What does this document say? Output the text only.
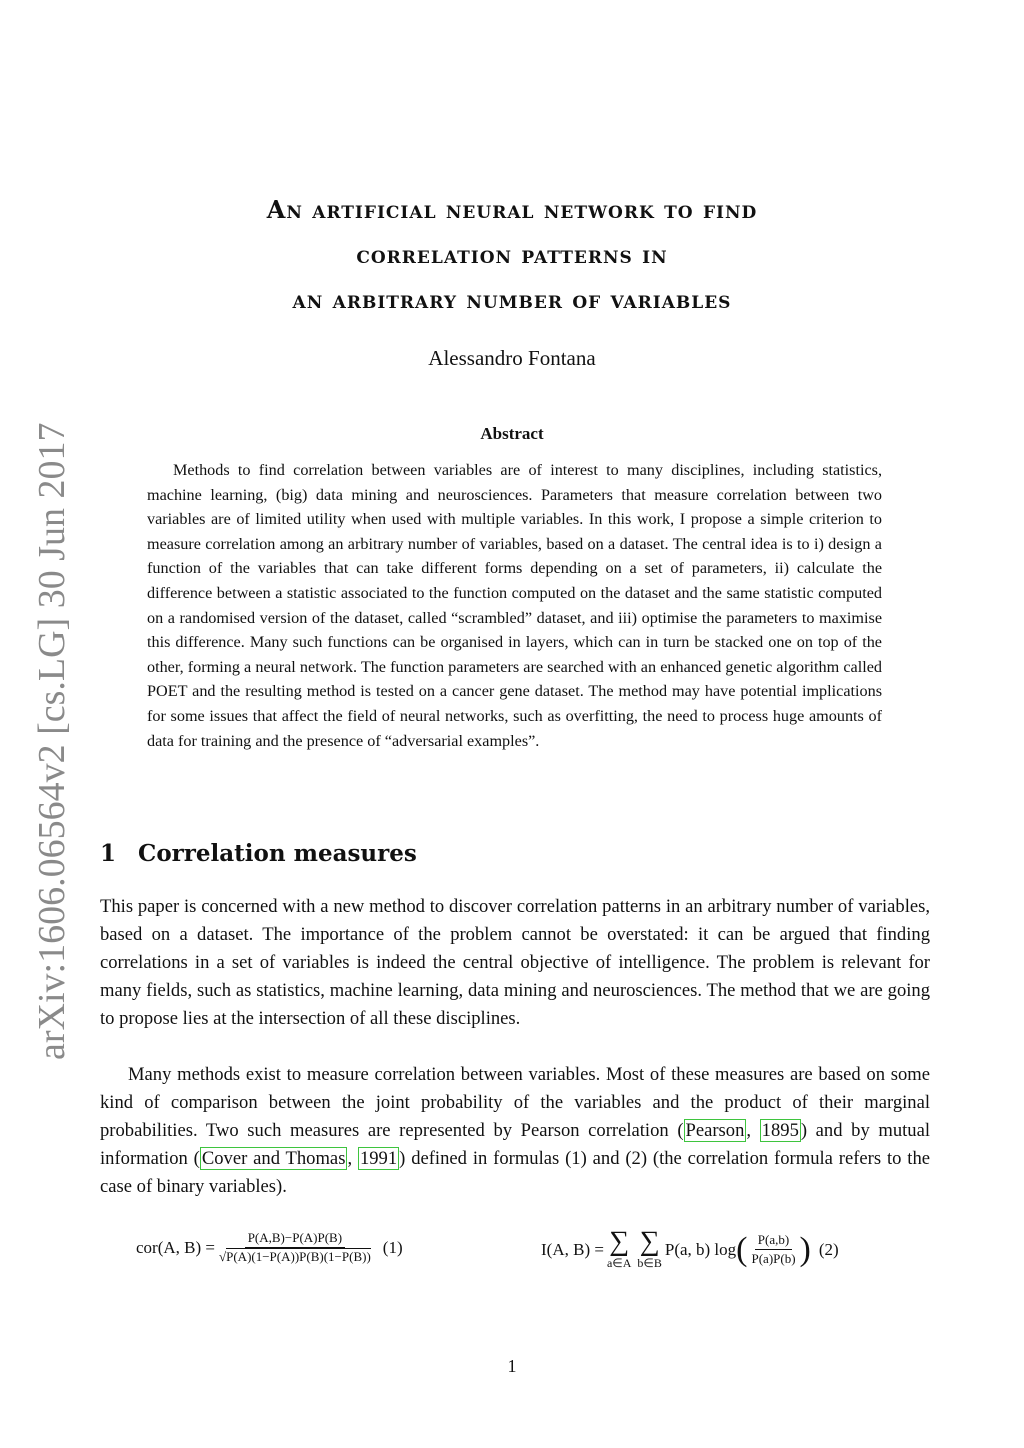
An artificial neural network to find
correlation patterns in
an arbitrary number of variables
Alessandro Fontana
Abstract

Methods to find correlation between variables are of interest to many disciplines, including statistics, machine learning, (big) data mining and neurosciences. Parameters that measure correlation between two variables are of limited utility when used with multiple variables. In this work, I propose a simple criterion to measure correlation among an arbitrary number of variables, based on a dataset. The central idea is to i) design a function of the variables that can take different forms depending on a set of parameters, ii) calculate the difference between a statistic associated to the function computed on the dataset and the same statistic computed on a randomised version of the dataset, called “scrambled” dataset, and iii) optimise the parameters to maximise this difference. Many such functions can be organised in layers, which can in turn be stacked one on top of the other, forming a neural network. The function parameters are searched with an enhanced genetic algorithm called POET and the resulting method is tested on a cancer gene dataset. The method may have potential implications for some issues that affect the field of neural networks, such as overfitting, the need to process huge amounts of data for training and the presence of “adversarial examples”.

arXiv:1606.06564v2 [cs.LG] 30 Jun 2017 1 Correlation measures

This paper is concerned with a new method to discover correlation patterns in an arbitrary number of variables, based on a dataset. The importance of the problem cannot be overstated: it can be argued that finding correlations in a set of variables is indeed the central objective of intelligence. The problem is relevant for many fields, such as statistics, machine learning, data mining and neurosciences. The method that we are going to propose lies at the intersection of all these disciplines.

Many methods exist to measure correlation between variables. Most of these measures are based on some kind of comparison between the joint probability of the variables and the product of their marginal probabilities. Two such measures are represented by Pearson correlation ( Pearson , 1895 ) and by mutual information ( Cover and Thomas , 1991 ) defined in formulas (1) and (2) (the correlation formula refers to the case of binary variables).

cor(A, $B) = \frac{P(A,B)-P(A)P(B)}{√P(A)(1-P(A))P(B)(1-P(B))} (1)$	I(A, B) = ∑
a∈A
∑
b∈B
P(a, b) log ( $\frac{P(a,b)}{P(a)P(b)}$ ) (2)
1
